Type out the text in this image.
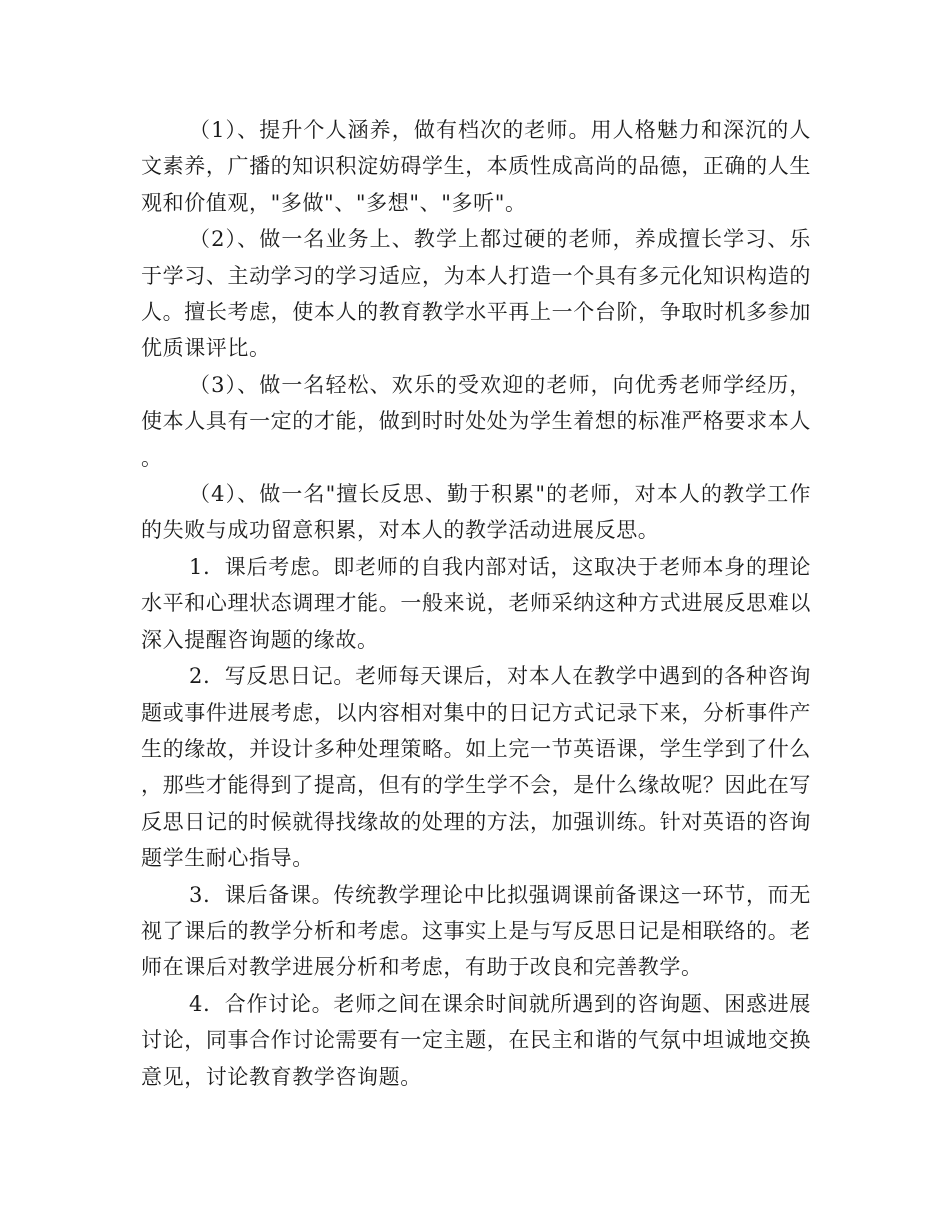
（1）、提升个人涵养，做有档次的老师。用人格魅力和深沉的人文素养，广播的知识积淀妨碍学生，本质性成高尚的品德，正确的人生观和价值观，"多做"、"多想"、"多听"。

（2）、做一名业务上、教学上都过硬的老师，养成擅长学习、乐于学习、主动学习的学习适应，为本人打造一个具有多元化知识构造的人。擅长考虑，使本人的教育教学水平再上一个台阶，争取时机多参加优质课评比。

（3）、做一名轻松、欢乐的受欢迎的老师，向优秀老师学经历，使本人具有一定的才能，做到时时处处为学生着想的标准严格要求本人。

（4）、做一名"擅长反思、勤于积累"的老师，对本人的教学工作的失败与成功留意积累，对本人的教学活动进展反思。

1．课后考虑。即老师的自我内部对话，这取决于老师本身的理论水平和心理状态调理才能。一般来说，老师采纳这种方式进展反思难以深入提醒咨询题的缘故。

2．写反思日记。老师每天课后，对本人在教学中遇到的各种咨询题或事件进展考虑，以内容相对集中的日记方式记录下来，分析事件产生的缘故，并设计多种处理策略。如上完一节英语课，学生学到了什么，那些才能得到了提高，但有的学生学不会，是什么缘故呢？因此在写反思日记的时候就得找缘故的处理的方法，加强训练。针对英语的咨询题学生耐心指导。

3．课后备课。传统教学理论中比拟强调课前备课这一环节，而无视了课后的教学分析和考虑。这事实上是与写反思日记是相联络的。老师在课后对教学进展分析和考虑，有助于改良和完善教学。

4．合作讨论。老师之间在课余时间就所遇到的咨询题、困惑进展讨论，同事合作讨论需要有一定主题，在民主和谐的气氛中坦诚地交换意见，讨论教育教学咨询题。
